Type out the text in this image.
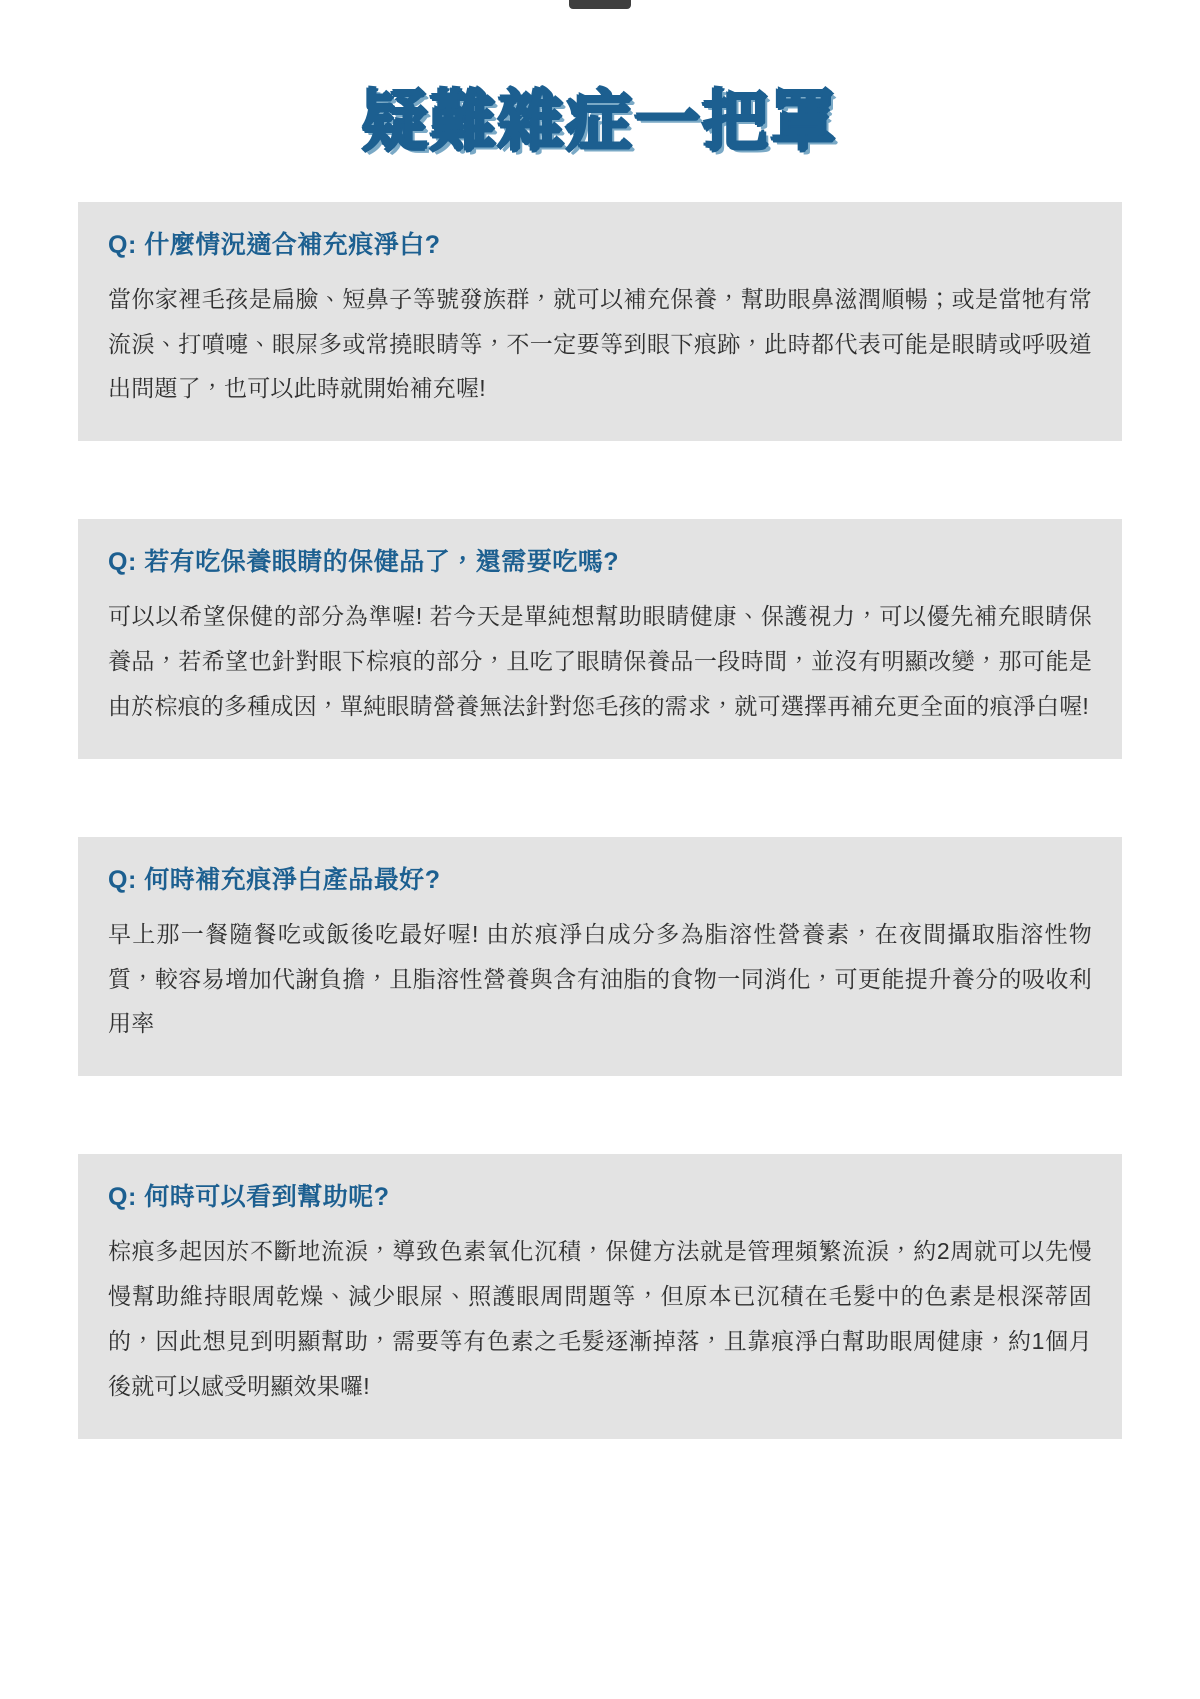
疑難雜症一把罩
Q: 什麼情況適合補充痕淨白?

當你家裡毛孩是扁臉、短鼻子等號發族群，就可以補充保養，幫助眼鼻滋潤順暢；或是當牠有常流淚、打噴嚏、眼屎多或常撓眼睛等，不一定要等到眼下痕跡，此時都代表可能是眼睛或呼吸道出問題了，也可以此時就開始補充喔!

Q: 若有吃保養眼睛的保健品了，還需要吃嗎?

可以以希望保健的部分為準喔! 若今天是單純想幫助眼睛健康、保護視力，可以優先補充眼睛保養品，若希望也針對眼下棕痕的部分，且吃了眼睛保養品一段時間，並沒有明顯改變，那可能是由於棕痕的多種成因，單純眼睛營養無法針對您毛孩的需求，就可選擇再補充更全面的痕淨白喔!

Q: 何時補充痕淨白產品最好?

早上那一餐隨餐吃或飯後吃最好喔! 由於痕淨白成分多為脂溶性營養素，在夜間攝取脂溶性物質，較容易增加代謝負擔，且脂溶性營養與含有油脂的食物一同消化，可更能提升養分的吸收利用率

Q: 何時可以看到幫助呢?

棕痕多起因於不斷地流淚，導致色素氧化沉積，保健方法就是管理頻繁流淚，約2周就可以先慢慢幫助維持眼周乾燥、減少眼屎、照護眼周問題等，但原本已沉積在毛髮中的色素是根深蒂固的，因此想見到明顯幫助，需要等有色素之毛髮逐漸掉落，且靠痕淨白幫助眼周健康，約1個月後就可以感受明顯效果囉!
